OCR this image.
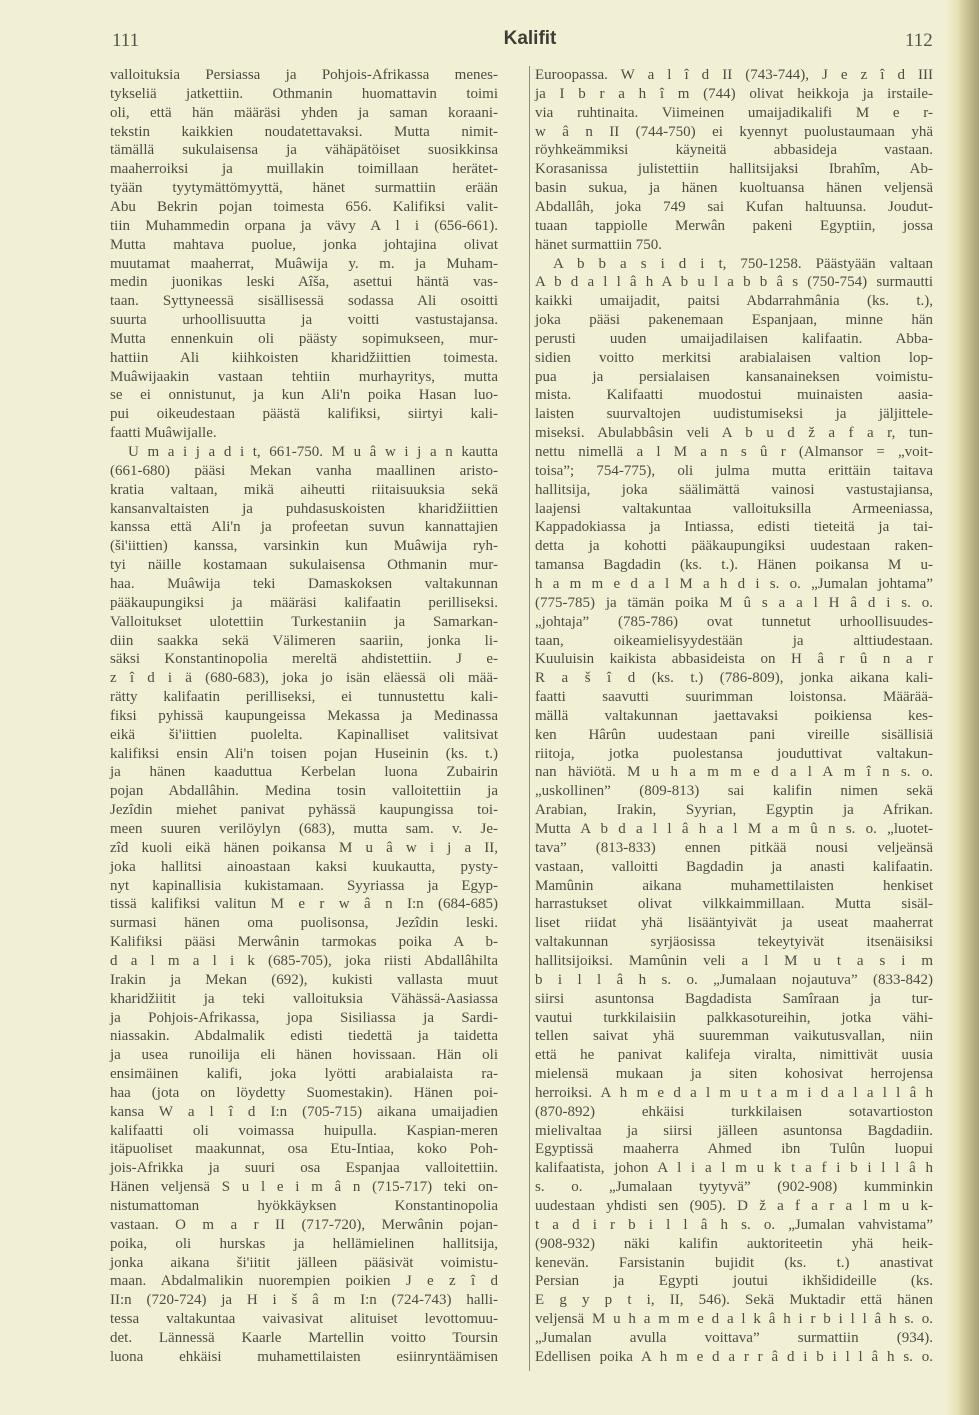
111	Kalifit	112
valloituksia Persiassa ja Pohjois-Afrikassa menes-
tykseliä jatkettiin. Othmanin huomattavin toimi
oli, että hän määräsi yhden ja saman koraani-
tekstin kaikkien noudatettavaksi. Mutta nimit-
tämällä sukulaisensa ja vähäpätöiset suosikkinsa
maaherroiksi ja muillakin toimillaan herätet-
tyään tyytymättömyyttä, hänet surmattiin erään
Abu Bekrin pojan toimesta 656. Kalifiksi valit-
tiin Muhammedin orpana ja vävy A l i (656-661).
Mutta mahtava puolue, jonka johtajina olivat
muutamat maaherrat, Muâwija y. m. ja Muham-
medin juonikas leski Aîša, asettui häntä vas-
taan. Syttyneessä sisällisessä sodassa Ali osoitti
suurta urhoollisuutta ja voitti vastustajansa.
Mutta ennenkuin oli päästy sopimukseen, mur-
hattiin Ali kiihkoisten kharidžiittien toimesta.
Muâwijaakin vastaan tehtiin murhayritys, mutta
se ei onnistunut, ja kun Ali'n poika Hasan luo-
pui oikeudestaan päästä kalifiksi, siirtyi kali-
faatti Muâwijalle.
U m a i j a d i t, 661-750. M u â w i j a n kautta
(661-680) pääsi Mekan vanha maallinen aristo-
kratia valtaan, mikä aiheutti riitaisuuksia sekä
kansanvaltaisten ja puhdasuskoisten kharidžiittien
kanssa että Ali'n ja profeetan suvun kannattajien
(ši'iittien) kanssa, varsinkin kun Muâwija ryh-
tyi näille kostamaan sukulaisensa Othmanin mur-
haa. Muâwija teki Damaskoksen valtakunnan
pääkaupungiksi ja määräsi kalifaatin perilliseksi.
Valloitukset ulotettiin Turkestaniin ja Samarkan-
diin saakka sekä Välimeren saariin, jonka li-
säksi Konstantinopolia mereltä ahdistettiin. J e-
z î d i ä (680-683), joka jo isän eläessä oli mää-
rätty kalifaatin perilliseksi, ei tunnustettu kali-
fiksi pyhissä kaupungeissa Mekassa ja Medinassa
eikä ši'iittien puolelta. Kapinalliset valitsivat
kalifiksi ensin Ali'n toisen pojan Huseinin (ks. t.)
ja hänen kaaduttua Kerbelan luona Zubairin
pojan Abdallâhin. Medina tosin valloitettiin ja
Jezîdin miehet panivat pyhässä kaupungissa toi-
meen suuren verilöylyn (683), mutta sam. v. Je-
zîd kuoli eikä hänen poikansa M u â w i j a II,
joka hallitsi ainoastaan kaksi kuukautta, pysty-
nyt kapinallisia kukistamaan. Syyriassa ja Egyp-
tissä kalifiksi valitun M e r w â n I:n (684-685)
surmasi hänen oma puolisonsa, Jezîdin leski.
Kalifiksi pääsi Merwânin tarmokas poika A b-
d a l m a l i k (685-705), joka riisti Abdallâhilta
Irakin ja Mekan (692), kukisti vallasta muut
kharidžiitit ja teki valloituksia Vähässä-Aasiassa
ja Pohjois-Afrikassa, jopa Sisiliassa ja Sardi-
niassakin. Abdalmalik edisti tiedettä ja taidetta
ja usea runoilija eli hänen hovissaan. Hän oli
ensimäinen kalifi, joka lyötti arabialaista ra-
haa (jota on löydetty Suomestakin). Hänen poi-
kansa W a l î d I:n (705-715) aikana umaijadien
kalifaatti oli voimassa huipulla. Kaspian-meren
itäpuoliset maakunnat, osa Etu-Intiaa, koko Poh-
jois-Afrikka ja suuri osa Espanjaa valloitettiin.
Hänen veljensä S u l e i m â n (715-717) teki on-
nistumattoman hyökkäyksen Konstantinopolia
vastaan. O m a r II (717-720), Merwânin pojan-
poika, oli hurskas ja hellämielinen hallitsija,
jonka aikana ši'iitit jälleen pääsivät voimistu-
maan. Abdalmalikin nuorempien poikien J e z î d
II:n (720-724) ja H i š â m I:n (724-743) halli-
tessa valtakuntaa vaivasivat alituiset levottomuu-
det. Lännessä Kaarle Martellin voitto Toursin
luona ehkäisi muhamettilaisten esiinryntäämisen
Euroopassa. W a l î d II (743-744), J e z î d III
ja I b r a h î m (744) olivat heikkoja ja irstaile-
via ruhtinaita. Viimeinen umaijadikalifi M e r-
w â n II (744-750) ei kyennyt puolustaumaan yhä
röyhkeämmiksi käyneitä abbasideja vastaan.
Korasanissa julistettiin hallitsijaksi Ibrahîm, Ab-
basin sukua, ja hänen kuoltuansa hänen veljensä
Abdallâh, joka 749 sai Kufan haltuunsa. Joudut-
tuaan tappiolle Merwân pakeni Egyptiin, jossa
hänet surmattiin 750.
A b b a s i d i t, 750-1258. Päästyään valtaan
A b d a l l â h A b u l a b b â s (750-754) surmautti
kaikki umaijadit, paitsi Abdarrahmânia (ks. t.),
joka pääsi pakenemaan Espanjaan, minne hän
perusti uuden umaijadilaisen kalifaatin. Abba-
sidien voitto merkitsi arabialaisen valtion lop-
pua ja persialaisen kansanaineksen voimistu-
mista. Kalifaatti muodostui muinaisten aasia-
laisten suurvaltojen uudistumiseksi ja jäljittele-
miseksi. Abulabbâsin veli A b u d ž a f a r, tun-
nettu nimellä a l M a n s û r (Almansor = „voit-
toisa”; 754-775), oli julma mutta erittäin taitava
hallitsija, joka säälimättä vainosi vastustajiansa,
laajensi valtakuntaa valloituksilla Armeeniassa,
Kappadokiassa ja Intiassa, edisti tieteitä ja tai-
detta ja kohotti pääkaupungiksi uudestaan raken-
tamansa Bagdadin (ks. t.). Hänen poikansa M u-
h a m m e d a l M a h d i s. o. „Jumalan johtama”
(775-785) ja tämän poika M û s a a l H â d i s. o.
„johtaja” (785-786) ovat tunnetut urhoollisuudes-
taan, oikeamielisyydestään ja alttiudestaan.
Kuuluisin kaikista abbasideista on H â r û n a r
R a š î d (ks. t.) (786-809), jonka aikana kali-
faatti saavutti suurimman loistonsa. Määrää-
mällä valtakunnan jaettavaksi poikiensa kes-
ken Hârûn uudestaan pani vireille sisällisiä
riitoja, jotka puolestansa jouduttivat valtakun-
nan häviötä. M u h a m m e d a l A m î n s. o.
„uskollinen” (809-813) sai kalifin nimen sekä
Arabian, Irakin, Syyrian, Egyptin ja Afrikan.
Mutta A b d a l l â h a l M a m û n s. o. „luotet-
tava” (813-833) ennen pitkää nousi veljeänsä
vastaan, valloitti Bagdadin ja anasti kalifaatin.
Mamûnin aikana muhamettilaisten henkiset
harrastukset olivat vilkkaimmillaan. Mutta sisäl-
liset riidat yhä lisääntyivät ja useat maaherrat
valtakunnan syrjäosissa tekeytyivät itsenäisiksi
hallitsijoiksi. Mamûnin veli a l M u t a s i m
b i l l â h s. o. „Jumalaan nojautuva” (833-842)
siirsi asuntonsa Bagdadista Samîraan ja tur-
vautui turkkilaisiin palkkasotureihin, jotka vähi-
tellen saivat yhä suuremman vaikutusvallan, niin
että he panivat kalifeja viralta, nimittivät uusia
mielensä mukaan ja siten kohosivat herrojensa
herroiksi. A h m e d a l m u t a m i d a l a l l â h
(870-892) ehkäisi turkkilaisen sotavartioston
mielivaltaa ja siirsi jälleen asuntonsa Bagdadiin.
Egyptissä maaherra Ahmed ibn Tulûn luopui
kalifaatista, johon A l i a l m u k t a f i b i l l â h
s. o. „Jumalaan tyytyvä” (902-908) kumminkin
uudestaan yhdisti sen (905). D ž a f a r a l m u k-
t a d i r b i l l â h s. o. „Jumalan vahvistama”
(908-932) näki kalifin auktoriteetin yhä heik-
kenevän. Farsistanin bujidit (ks. t.) anastivat
Persian ja Egypti joutui ikhšidideille (ks.
E g y p t i, II, 546). Sekä Muktadir että hänen
veljensä M u h a m m e d a l k â h i r b i l l â h s. o.
„Jumalan avulla voittava” surmattiin (934).
Edellisen poika A h m e d a r r â d i b i l l â h s. o.
